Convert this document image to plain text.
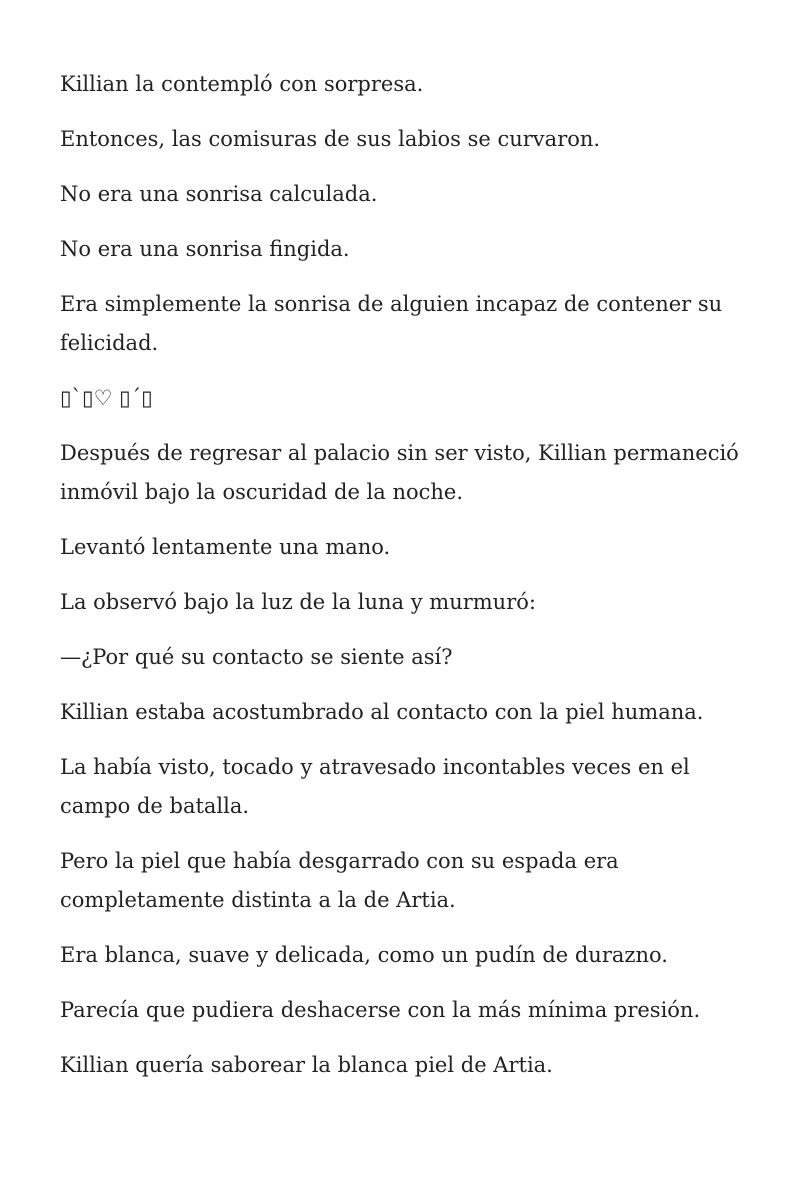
Killian la contempló con sorpresa.

Entonces, las comisuras de sus labios se curvaron.

No era una sonrisa calculada.

No era una sonrisa fingida.

Era simplemente la sonrisa de alguien incapaz de contener su felicidad.

▯`▯♡ ▯´▯

Después de regresar al palacio sin ser visto, Killian permaneció inmóvil bajo la oscuridad de la noche.

Levantó lentamente una mano.

La observó bajo la luz de la luna y murmuró:

—¿Por qué su contacto se siente así?

Killian estaba acostumbrado al contacto con la piel humana.

La había visto, tocado y atravesado incontables veces en el campo de batalla.

Pero la piel que había desgarrado con su espada era completamente distinta a la de Artia.

Era blanca, suave y delicada, como un pudín de durazno.

Parecía que pudiera deshacerse con la más mínima presión.

Killian quería saborear la blanca piel de Artia.
